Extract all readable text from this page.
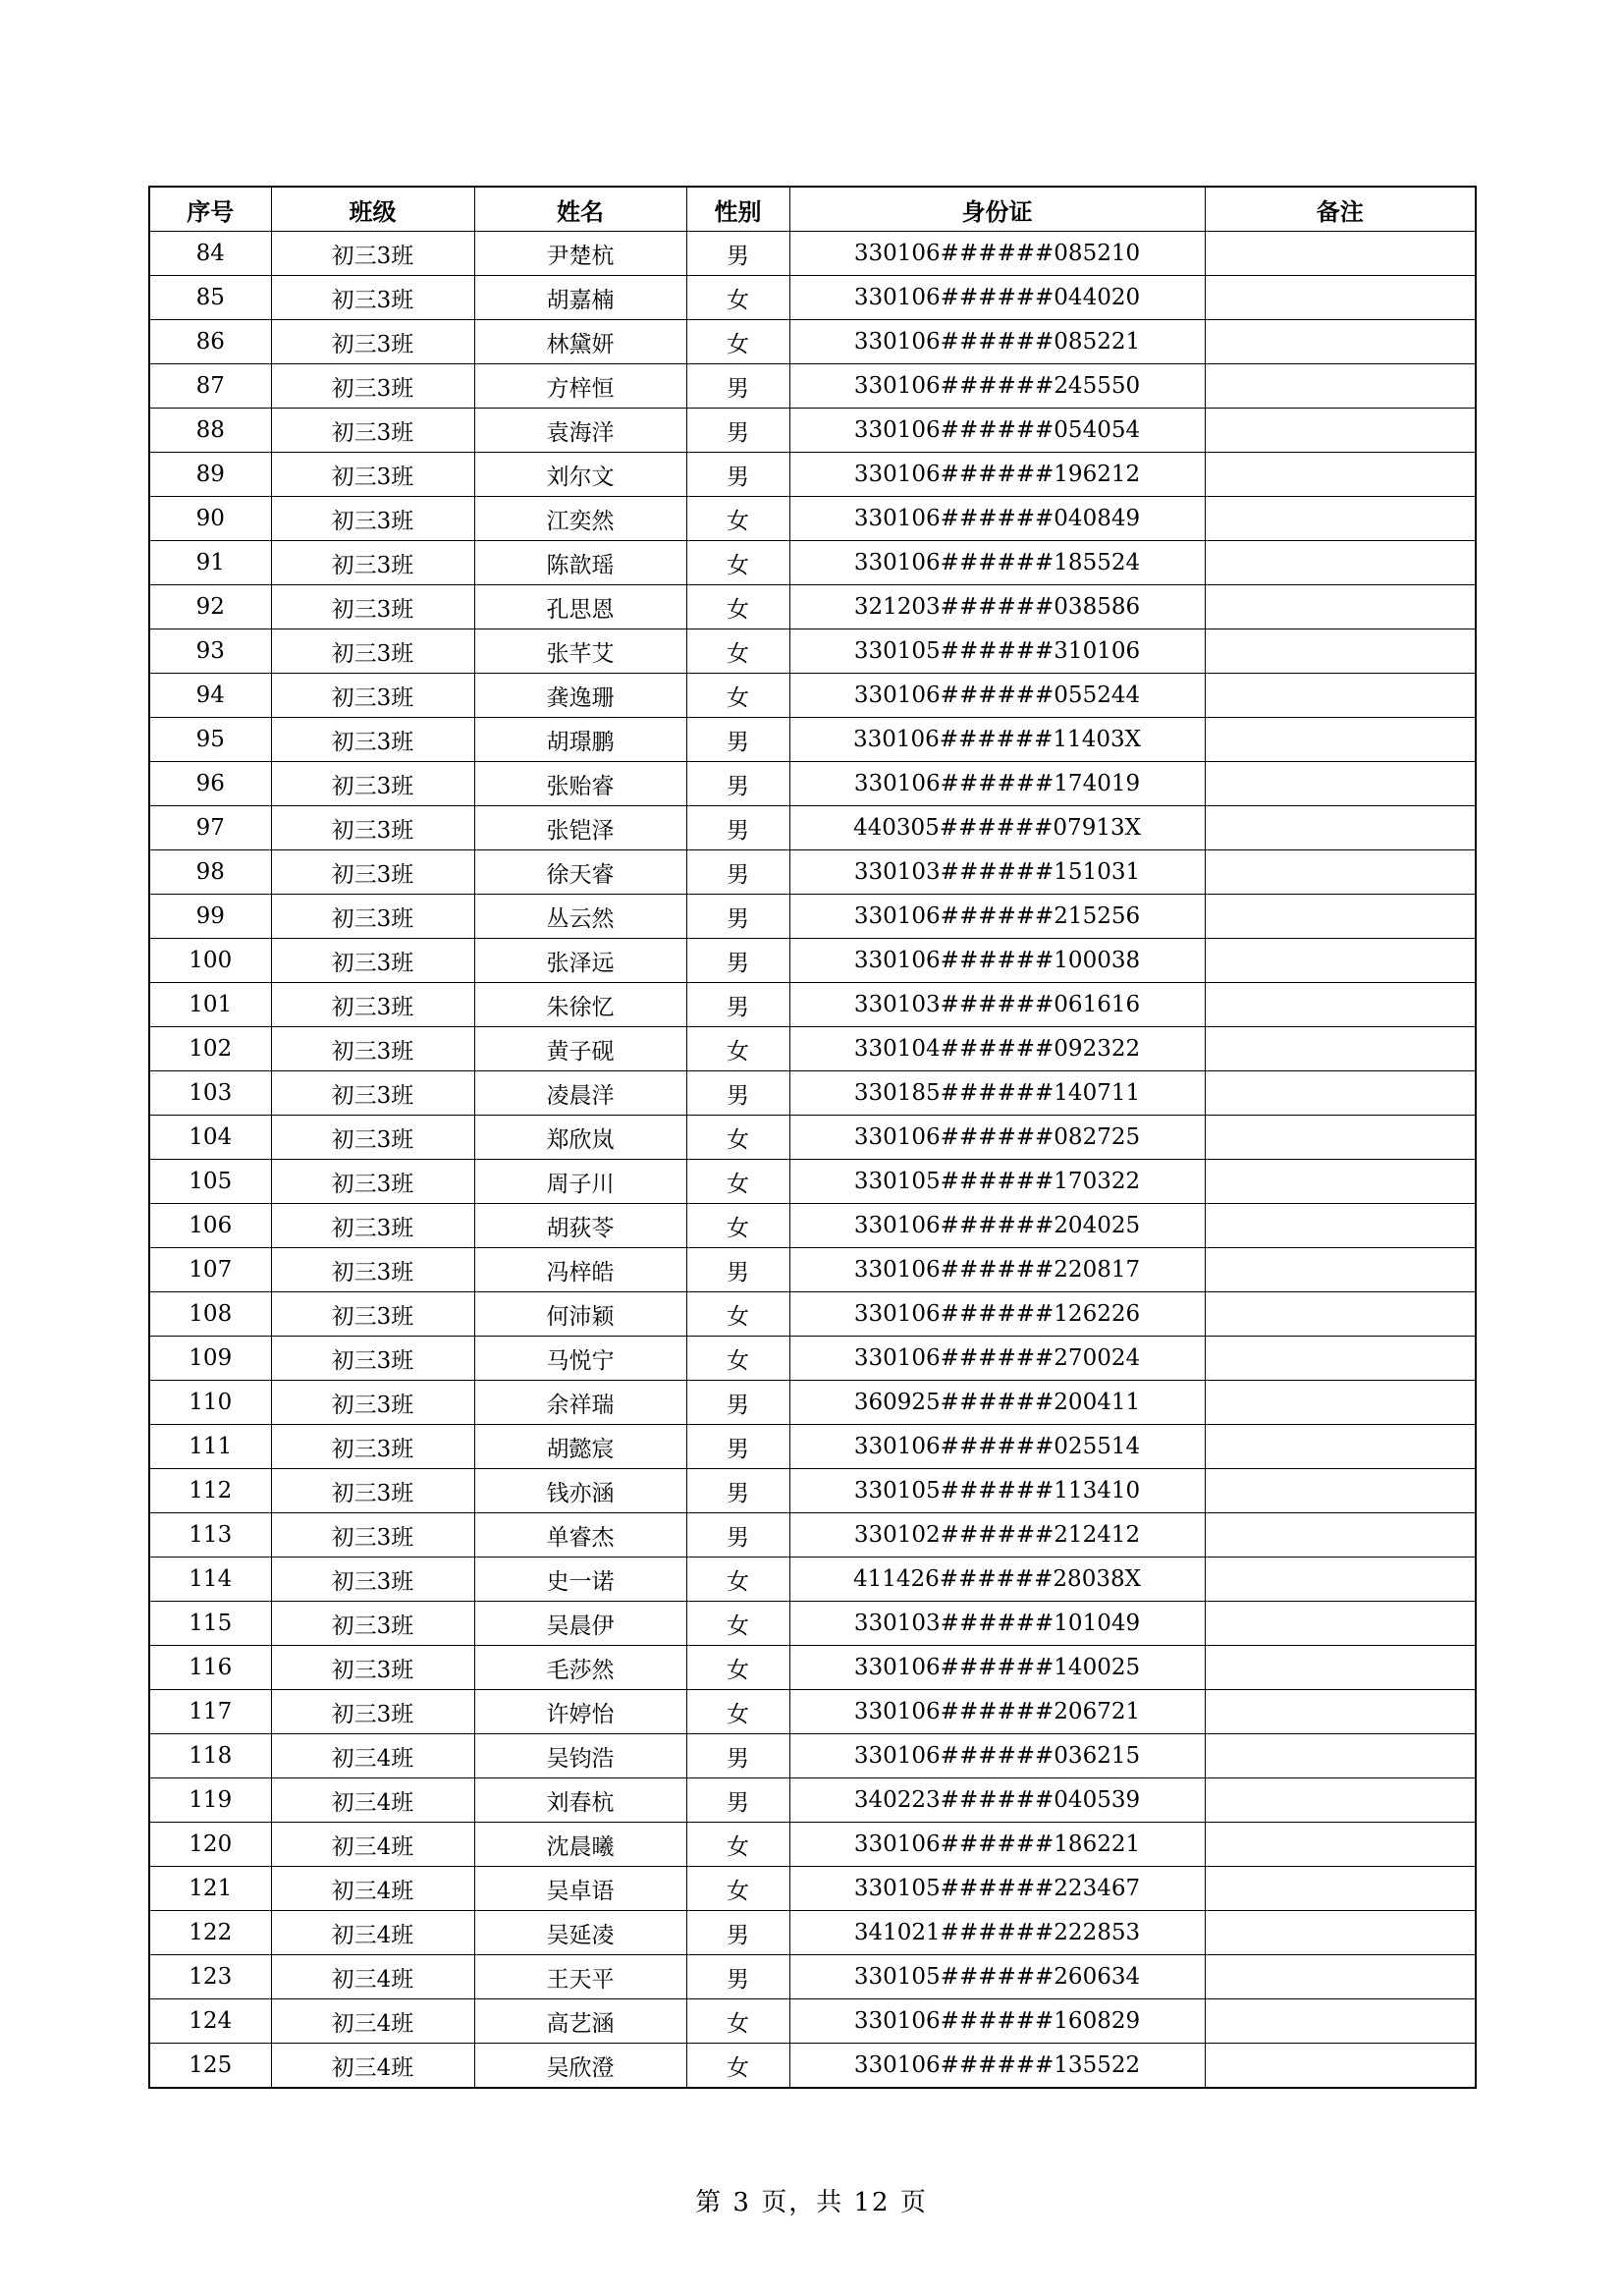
序号	班级	姓名	性别	身份证	备注
84	初三3班	尹楚杭	男	330106######085210	
85	初三3班	胡嘉楠	女	330106######044020	
86	初三3班	林黛妍	女	330106######085221	
87	初三3班	方梓恒	男	330106######245550	
88	初三3班	袁海洋	男	330106######054054	
89	初三3班	刘尔文	男	330106######196212	
90	初三3班	江奕然	女	330106######040849	
91	初三3班	陈歆瑶	女	330106######185524	
92	初三3班	孔思恩	女	321203######038586	
93	初三3班	张芊艾	女	330105######310106	
94	初三3班	龚逸珊	女	330106######055244	
95	初三3班	胡璟鹏	男	330106######11403X	
96	初三3班	张贻睿	男	330106######174019	
97	初三3班	张铠泽	男	440305######07913X	
98	初三3班	徐天睿	男	330103######151031	
99	初三3班	丛云然	男	330106######215256	
100	初三3班	张泽远	男	330106######100038	
101	初三3班	朱徐忆	男	330103######061616	
102	初三3班	黄子砚	女	330104######092322	
103	初三3班	凌晨洋	男	330185######140711	
104	初三3班	郑欣岚	女	330106######082725	
105	初三3班	周子川	女	330105######170322	
106	初三3班	胡荻苓	女	330106######204025	
107	初三3班	冯梓皓	男	330106######220817	
108	初三3班	何沛颖	女	330106######126226	
109	初三3班	马悦宁	女	330106######270024	
110	初三3班	余祥瑞	男	360925######200411	
111	初三3班	胡懿宸	男	330106######025514	
112	初三3班	钱亦涵	男	330105######113410	
113	初三3班	单睿杰	男	330102######212412	
114	初三3班	史一诺	女	411426######28038X	
115	初三3班	吴晨伊	女	330103######101049	
116	初三3班	毛莎然	女	330106######140025	
117	初三3班	许婷怡	女	330106######206721	
118	初三4班	吴钧浩	男	330106######036215	
119	初三4班	刘春杭	男	340223######040539	
120	初三4班	沈晨曦	女	330106######186221	
121	初三4班	吴卓语	女	330105######223467	
122	初三4班	吴延凌	男	341021######222853	
123	初三4班	王天平	男	330105######260634	
124	初三4班	高艺涵	女	330106######160829	
125	初三4班	吴欣澄	女	330106######135522	
第 3 页，共 12 页
